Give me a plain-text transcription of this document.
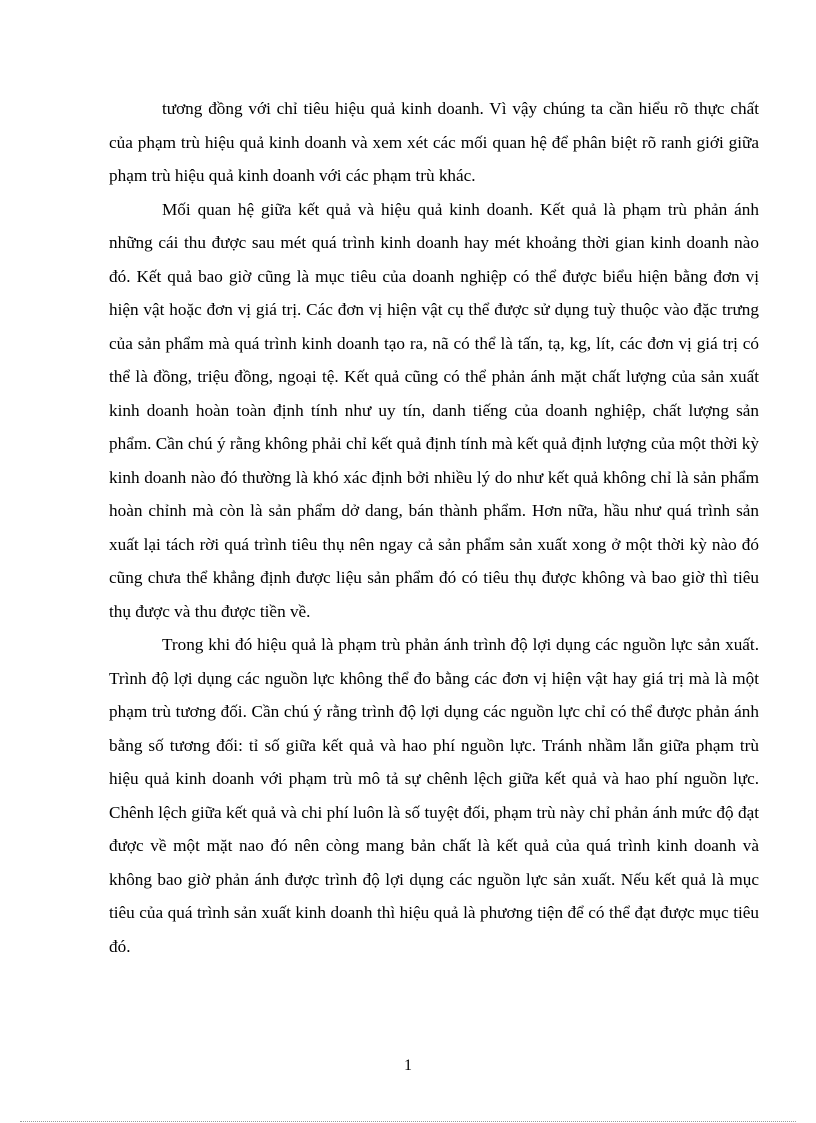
tương đồng với chỉ tiêu hiệu quả kinh doanh. Vì vậy chúng ta cần hiểu rõ thực chất của phạm trù hiệu quả kinh doanh và xem xét các mối quan hệ để phân biệt rõ ranh giới giữa phạm trù hiệu quả kinh doanh với các phạm trù khác.

Mối quan hệ giữa kết quả và hiệu quả kinh doanh. Kết quả là phạm trù phản ánh những cái thu được sau mét quá trình kinh doanh hay mét khoảng thời gian kinh doanh nào đó. Kết quả bao giờ cũng là mục tiêu của doanh nghiệp có thể được biểu hiện bằng đơn vị hiện vật hoặc đơn vị giá trị. Các đơn vị hiện vật cụ thể được sử dụng tuỳ thuộc vào đặc trưng của sản phẩm mà quá trình kinh doanh tạo ra, nã có thể là tấn, tạ, kg, lít, các đơn vị giá trị có thể là đồng, triệu đồng, ngoại tệ. Kết quả cũng có thể phản ánh mặt chất lượng của sản xuất kinh doanh hoàn toàn định tính như uy tín, danh tiếng của doanh nghiệp, chất lượng sản phẩm. Cần chú ý rằng không phải chỉ kết quả định tính mà kết quả định lượng của một thời kỳ kinh doanh nào đó thường là khó xác định bởi nhiều lý do như kết quả không chỉ là sản phẩm hoàn chỉnh mà còn là sản phẩm dở dang, bán thành phẩm. Hơn nữa, hầu như quá trình sản xuất lại tách rời quá trình tiêu thụ nên ngay cả sản phẩm sản xuất xong ở một thời kỳ nào đó cũng chưa thể khẳng định được liệu sản phẩm đó có tiêu thụ được không và bao giờ thì tiêu thụ được và thu được tiền về.

Trong khi đó hiệu quả là phạm trù phản ánh trình độ lợi dụng các nguồn lực sản xuất. Trình độ lợi dụng các nguồn lực không thể đo bằng các đơn vị hiện vật hay giá trị mà là một phạm trù tương đối. Cần chú ý rằng trình độ lợi dụng các nguồn lực chỉ có thể được phản ánh bằng số tương đối: tỉ số giữa kết quả và hao phí nguồn lực. Tránh nhầm lẫn giữa phạm trù hiệu quả kinh doanh với phạm trù mô tả sự chênh lệch giữa kết quả và hao phí nguồn lực. Chênh lệch giữa kết quả và chi phí luôn là số tuyệt đối, phạm trù này chỉ phản ánh mức độ đạt được về một mặt nao đó nên còng mang bản chất là kết quả của quá trình kinh doanh và không bao giờ phản ánh được trình độ lợi dụng các nguồn lực sản xuất. Nếu kết quả là mục tiêu của quá trình sản xuất kinh doanh thì hiệu quả là phương tiện để có thể đạt được mục tiêu đó.

1
